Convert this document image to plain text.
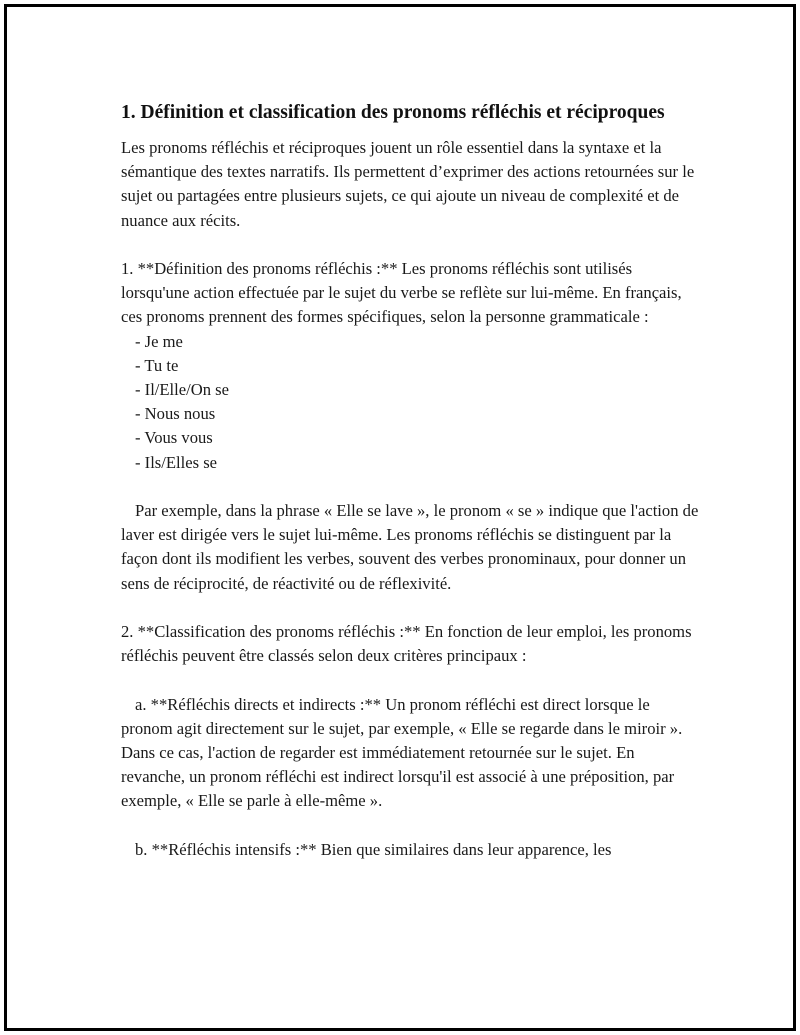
1. Définition et classification des pronoms réfléchis et réciproques

Les pronoms réfléchis et réciproques jouent un rôle essentiel dans la syntaxe et la sémantique des textes narratifs. Ils permettent d’exprimer des actions retournées sur le sujet ou partagées entre plusieurs sujets, ce qui ajoute un niveau de complexité et de nuance aux récits.

1. **Définition des pronoms réfléchis :** Les pronoms réfléchis sont utilisés lorsqu'une action effectuée par le sujet du verbe se reflète sur lui-même. En français, ces pronoms prennent des formes spécifiques, selon la personne grammaticale :

- Je me
- Tu te
- Il/Elle/On se
- Nous nous
- Vous vous
- Ils/Elles se

Par exemple, dans la phrase « Elle se lave », le pronom « se » indique que l'action de laver est dirigée vers le sujet lui-même. Les pronoms réfléchis se distinguent par la façon dont ils modifient les verbes, souvent des verbes pronominaux, pour donner un sens de réciprocité, de réactivité ou de réflexivité.

2. **Classification des pronoms réfléchis :** En fonction de leur emploi, les pronoms réfléchis peuvent être classés selon deux critères principaux :

a. **Réfléchis directs et indirects :** Un pronom réfléchi est direct lorsque le pronom agit directement sur le sujet, par exemple, « Elle se regarde dans le miroir ». Dans ce cas, l'action de regarder est immédiatement retournée sur le sujet. En revanche, un pronom réfléchi est indirect lorsqu'il est associé à une préposition, par exemple, « Elle se parle à elle-même ».

b. **Réfléchis intensifs :** Bien que similaires dans leur apparence, les
